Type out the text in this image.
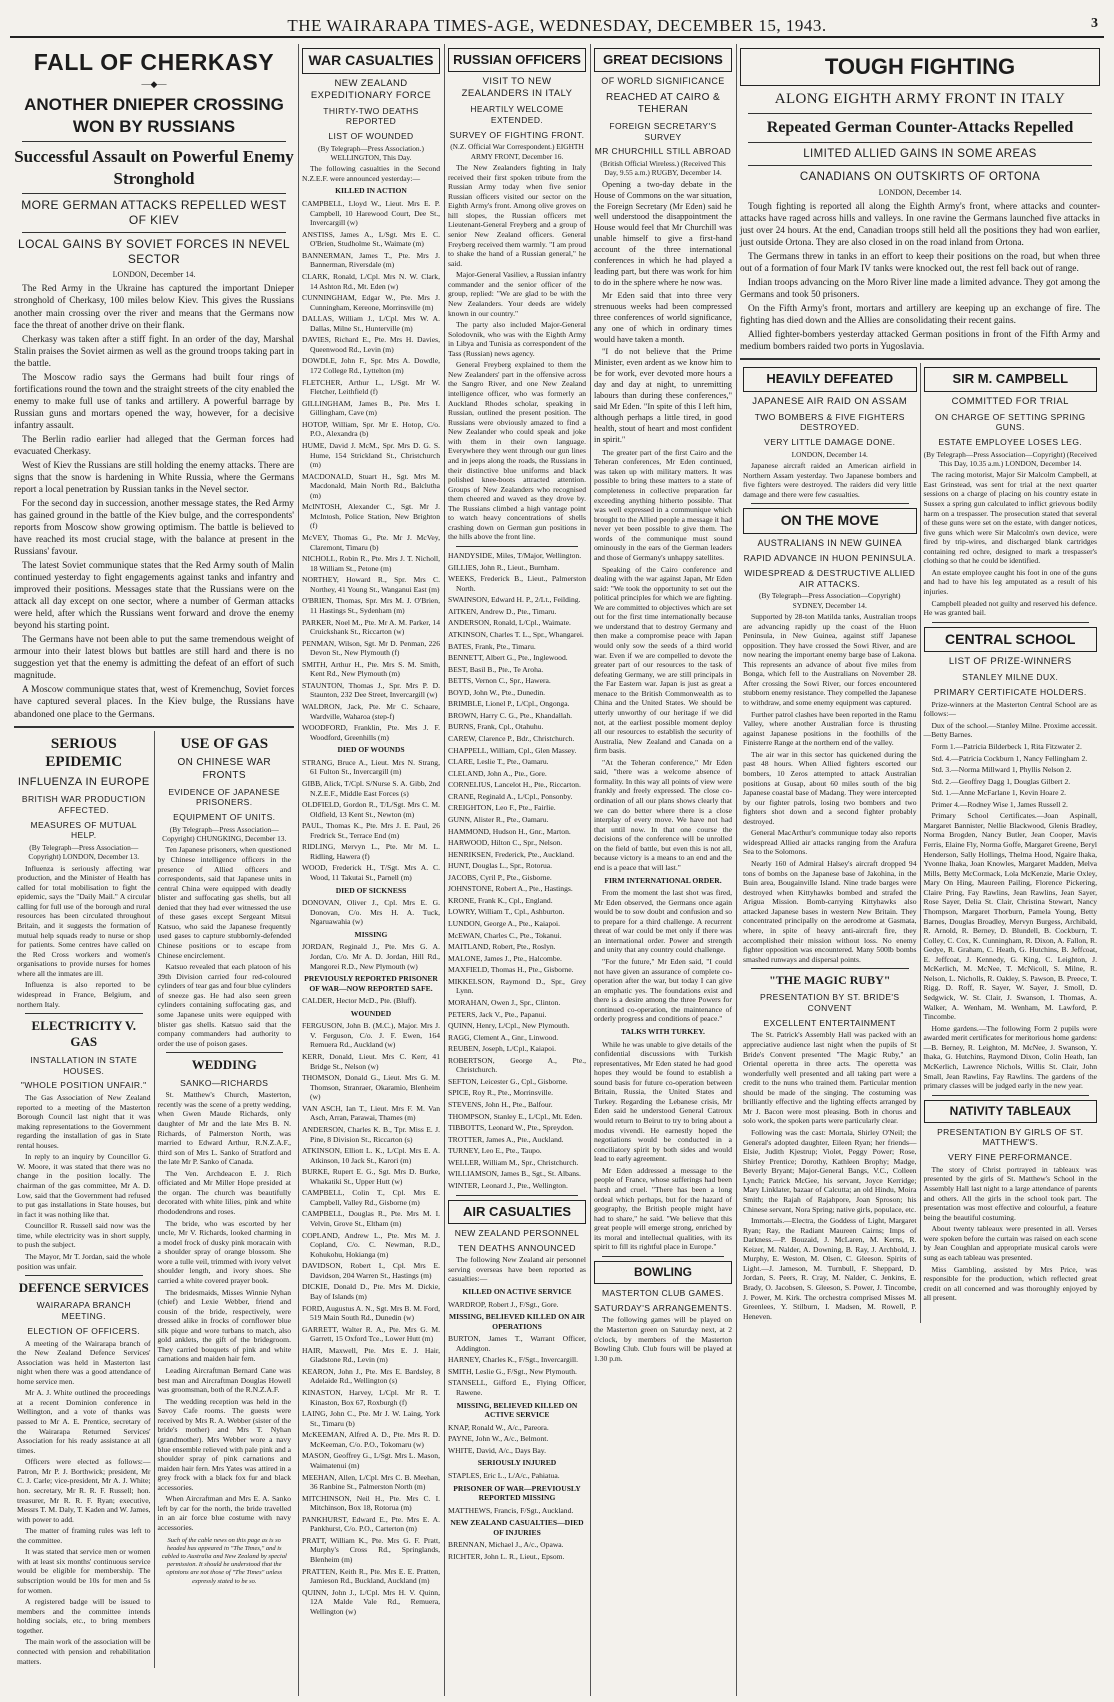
THE WAIRARAPA TIMES-AGE, WEDNESDAY, DECEMBER 15, 1943.	3
FALL OF CHERKASY
—◆—
ANOTHER DNIEPER CROSSING WON BY RUSSIANS
Successful Assault on Powerful Enemy Stronghold
MORE GERMAN ATTACKS REPELLED WEST OF KIEV
LOCAL GAINS BY SOVIET FORCES IN NEVEL SECTOR
LONDON, December 14.

The Red Army in the Ukraine has captured the important Dnieper stronghold of Cherkasy, 100 miles below Kiev. This gives the Russians another main crossing over the river and means that the Germans now face the threat of another drive on their flank.

Cherkasy was taken after a stiff fight. In an order of the day, Marshal Stalin praises the Soviet airmen as well as the ground troops taking part in the battle.

The Moscow radio says the Germans had built four rings of fortifications round the town and the straight streets of the city enabled the enemy to make full use of tanks and artillery. A powerful barrage by Russian guns and mortars opened the way, however, for a decisive infantry assault.

The Berlin radio earlier had alleged that the German forces had evacuated Cherkasy.

West of Kiev the Russians are still holding the enemy attacks. There are signs that the snow is hardening in White Russia, where the Germans report a local penetration by Russian tanks in the Nevel sector.

For the second day in succession, another message states, the Red Army has gained ground in the battle of the Kiev bulge, and the correspondents' reports from Moscow show growing optimism. The battle is believed to have reached its most crucial stage, with the balance at present in the Russians' favour.

The latest Soviet communique states that the Red Army south of Malin continued yesterday to fight engagements against tanks and infantry and improved their positions. Messages state that the Russians were on the attack all day except on one sector, where a number of German attacks were held, after which the Russians went forward and drove the enemy beyond his starting point.

The Germans have not been able to put the same tremendous weight of armour into their latest blows but battles are still hard and there is no suggestion yet that the enemy is admitting the defeat of an effort of such magnitude.

A Moscow communique states that, west of Kremenchug, Soviet forces have captured several places. In the Kiev bulge, the Russians have abandoned one place to the Germans.

SERIOUS EPIDEMIC
INFLUENZA IN EUROPE
BRITISH WAR PRODUCTION AFFECTED.
MEASURES OF MUTUAL HELP.
(By Telegraph—Press Association—Copyright) LONDON, December 13.

Influenza is seriously affecting war production, and the Minister of Health has called for total mobilisation to fight the epidemic, says the "Daily Mail." A circular calling for full use of the borough and rural resources has been circulated throughout Britain, and it suggests the formation of mutual help squads ready to nurse or shop for patients. Some centres have called on the Red Cross workers and women's organisations to provide nurses for homes where all the inmates are ill.

Influenza is also reported to be widespread in France, Belgium, and northern Italy.

ELECTRICITY V. GAS
INSTALLATION IN STATE HOUSES.
"WHOLE POSITION UNFAIR."

The Gas Association of New Zealand reported to a meeting of the Masterton Borough Council last night that it was making representations to the Government regarding the installation of gas in State rental houses.

In reply to an inquiry by Councillor G. W. Moore, it was stated that there was no change in the position locally. The chairman of the gas committee, Mr A. D. Low, said that the Government had refused to put gas installations in State houses, but in fact it was nothing like that.

Councillor R. Russell said now was the time, while electricity was in short supply, to push the subject.

The Mayor, Mr T. Jordan, said the whole position was unfair.

DEFENCE SERVICES
WAIRARAPA BRANCH MEETING.
ELECTION OF OFFICERS.

A meeting of the Wairarapa branch of the New Zealand Defence Services' Association was held in Masterton last night when there was a good attendance of home service men.

Mr A. J. White outlined the proceedings at a recent Dominion conference in Wellington, and a vote of thanks was passed to Mr A. E. Prentice, secretary of the Wairarapa Returned Services' Association for his ready assistance at all times.

Officers were elected as follows:—Patron, Mr P. J. Borthwick; president, Mr C. J. Carle; vice-president, Mr A. J. White; hon. secretary, Mr R. R. F. Russell; hon. treasurer, Mr R. R. F. Ryan; executive, Messrs T. M. Daly, T. Kaden and W. James, with power to add.

The matter of framing rules was left to the committee.

It was stated that service men or women with at least six months' continuous service would be eligible for membership. The subscription would be 10s for men and 5s for women.

A registered badge will be issued to members and the committee intends holding socials, etc., to bring members together.

The main work of the association will be connected with pension and rehabilitation matters.

USE OF GAS
ON CHINESE WAR FRONTS
EVIDENCE OF JAPANESE PRISONERS.
EQUIPMENT OF UNITS.
(By Telegraph—Press Association—Copyright) CHUNGKING, December 13.

Ten Japanese prisoners, when questioned by Chinese intelligence officers in the presence of Allied officers and correspondents, said that Japanese units in central China were equipped with deadly blister and suffocating gas shells, but all denied that they had ever witnessed the use of these gases except Sergeant Mitsui Katsuo, who said the Japanese frequently used gases to capture stubbornly-defended Chinese positions or to escape from Chinese encirclement.

Katsuo revealed that each platoon of his 39th Division carried four red-coloured cylinders of tear gas and four blue cylinders of sneeze gas. He had also seen green cylinders containing suffocating gas, and some Japanese units were equipped with blister gas shells. Katsuo said that the company commanders had authority to order the use of poison gases.

WEDDING
SANKO—RICHARDS

St. Matthew's Church, Masterton, recently was the scene of a pretty wedding, when Gwen Maude Richards, only daughter of Mr and the late Mrs B. N. Richards, of Palmerston North, was married to Edward Arthur, R.N.Z.A.F., third son of Mrs L. Sanko of Stratford and the late Mr P. Sanko of Canada.

The Ven. Archdeacon E. J. Rich officiated and Mr Miller Hope presided at the organ. The church was beautifully decorated with white lilies, pink and white rhododendrons and roses.

The bride, who was escorted by her uncle, Mr V. Richards, looked charming in a model frock of dusky pink moracain with a shoulder spray of orange blossom. She wore a tulle veil, trimmed with ivory velvet shoulder length, and ivory shoes. She carried a white covered prayer book.

The bridesmaids, Misses Winnie Nyhan (chief) and Lexie Webber, friend and cousin of the bride, respectively, were dressed alike in frocks of cornflower blue silk pique and wore turbans to match, also gold anklets, the gift of the bridegroom. They carried bouquets of pink and white carnations and maiden hair fern.

Leading Aircraftman Bernard Cane was best man and Aircraftman Douglas Howell was groomsman, both of the R.N.Z.A.F.

The wedding reception was held in the Savoy Cafe rooms. The guests were received by Mrs R. A. Webber (sister of the bride's mother) and Mrs T. Nyhan (grandmother). Mrs Webber wore a navy blue ensemble relieved with pale pink and a shoulder spray of pink carnations and maiden hair fern. Mrs Yates was attired in a grey frock with a black fox fur and black accessories.

When Aircraftman and Mrs E. A. Sanko left by car for the north, the bride travelled in an air force blue costume with navy accessories.

Such of the cable news on this page as is so headed has appeared in "The Times," and is cabled to Australia and New Zealand by special permission. It should be understood that the opinions are not those of "The Times" unless expressly stated to be so.
WAR CASUALTIES
NEW ZEALAND EXPEDITIONARY FORCE
THIRTY-TWO DEATHS REPORTED
LIST OF WOUNDED
(By Telegraph—Press Association.) WELLINGTON, This Day.

The following casualties in the Second N.Z.E.F. were announced yesterday:—

KILLED IN ACTION

CAMPBELL, Lloyd W., Lieut. Mrs E. P. Campbell, 10 Harewood Court, Dee St., Invercargill (w)

ANSTISS, James A., L/Sgt. Mrs E. C. O'Brien, Studholme St., Waimate (m)

BANNERMAN, James T., Pte. Mrs J. Bannerman, Riversdale (m)

CLARK, Ronald, L/Cpl. Mrs N. W. Clark, 14 Ashton Rd., Mt. Eden (w)

CUNNINGHAM, Edgar W., Pte. Mrs J. Cunningham, Kereone, Morrinsville (m)

DALLAS, William J., L/Cpl. Mrs W. A. Dallas, Milne St., Hunterville (m)

DAVIES, Richard E., Pte. Mrs H. Davies, Queenwood Rd., Levin (m)

DOWDLE, John F., Spr. Mrs A. Dowdle, 172 College Rd., Lyttelton (m)

FLETCHER, Arthur L., L/Sgt. Mr W. Fletcher, Leithfield (f)

GILLINGHAM, James B., Pte. Mrs I. Gillingham, Cave (m)

HOTOP, William, Spr. Mr E. Hotop, C/o. P.O., Alexandra (b)

HUME, David J. McM., Spr. Mrs D. G. S. Hume, 154 Strickland St., Christchurch (m)

MACDONALD, Stuart H., Sgt. Mrs M. Macdonald, Main North Rd., Balclutha (m)

McINTOSH, Alexander C., Sgt. Mr J. McIntosh, Police Station, New Brighton (f)

McVEY, Thomas G., Pte. Mr J. McVey, Claremont, Timaru (b)

NICHOLL, Robin R., Pte. Mrs J. T. Nicholl, 18 William St., Petone (m)

NORTHEY, Howard R., Spr. Mrs C. Northey, 41 Young St., Wanganui East (m)

O'BRIEN, Thomas, Spr. Mrs M. J. O'Brien, 11 Hastings St., Sydenham (m)

PARKER, Noel M., Pte. Mr A. M. Parker, 14 Cruickshank St., Riccarton (w)

PENMAN, Wilson, Sgt. Mr D. Penman, 226 Devon St., New Plymouth (f)

SMITH, Arthur H., Pte. Mrs S. M. Smith, Kent Rd., New Plymouth (m)

STAUNTON, Thomas J., Spr. Mrs P. D. Staunton, 232 Dee Street, Invercargill (w)

WALDRON, Jack, Pte. Mr C. Schaare, Wardville, Waharoa (step-f)

WOODFORD, Franklin, Pte. Mrs J. F. Woodford, Greenhills (m)

DIED OF WOUNDS

STRANG, Bruce A., Lieut. Mrs N. Strang, 61 Fulton St., Invercargill (m)

GIBB, Alick, T/Cpl. S/Nurse S. A. Gibb, 2nd N.Z.E.F., Middle East Forces (s)

OLDFIELD, Gordon R., T/L/Sgt. Mrs C. M. Oldfield, 13 Kent St., Newton (m)

PAUL, Thomas K., Pte. Mrs J. E. Paul, 26 Fredrick St., Terrace End (m)

RIDLING, Mervyn L., Pte. Mr M. L. Ridling, Hawera (f)

WOOD, Frederick H., T/Sgt. Mrs A. C. Wood, 11 Takutai St., Parnell (m)

DIED OF SICKNESS

DONOVAN, Oliver J., Cpl. Mrs E. G. Donovan, C/o. Mrs H. A. Tuck, Ngaruawahia (w)

MISSING

JORDAN, Reginald J., Pte. Mrs G. A. Jordan, C/o. Mr A. D. Jordan, Hill Rd., Mangorei R.D., New Plymouth (w)

PREVIOUSLY REPORTED PRISONER OF WAR—NOW REPORTED SAFE.

CALDER, Hector McD., Pte. (Bluff).

WOUNDED

FERGUSON, John B. (M.C.), Major. Mrs J. V. Ferguson, C/o. J. F. Ewen, 164 Remuera Rd., Auckland (w)

KERR, Donald, Lieut. Mrs C. Kerr, 41 Bridge St., Nelson (w)

THOMSON, Donald G., Lieut. Mrs G. M. Thomson, Stranraer, Okaramio, Blenheim (w)

VAN ASCH, Ian T., Lieut. Mrs F. M. Van Asch, Arran, Parawai, Thames (m)

ANDERSON, Charles K. B., Tpr. Miss E. J. Pine, 8 Division St., Riccarton (s)

ATKINSON, Elliott L. K., L/Cpl. Mrs E. A. Atkinson, 10 Jack St., Karori (m)

BURKE, Rupert E. G., Sgt. Mrs D. Burke, Whakatiki St., Upper Hutt (w)

CAMPBELL, Colin T., Cpl. Mrs E. Campbell, Valley Rd., Gisborne (m)

CAMPBELL, Douglas R., Pte. Mrs M. I. Velvin, Grove St., Eltham (m)

COPLAND, Andrew L., Pte. Mrs M. J. Copland, C/o. C. Newman, R.D., Kohukohu, Hokianga (m)

DAVIDSON, Robert I., Cpl. Mrs E. Davidson, 204 Warren St., Hastings (m)

DICKIE, Donald D., Pte. Mrs M. Dickie, Bay of Islands (m)

FORD, Augustus A. N., Sgt. Mrs B. M. Ford, 519 Main South Rd., Dunedin (w)

GARRETT, Walter R. A., Pte. Mrs G. M. Garrett, 15 Oxford Tce., Lower Hutt (m)

HAIR, Maxwell, Pte. Mrs E. J. Hair, Gladstone Rd., Levin (m)

KEARON, John J., Pte. Mrs E. Bardsley, 8 Adelaide Rd., Wellington (s)

KINASTON, Harvey, L/Cpl. Mr R. T. Kinaston, Box 67, Roxburgh (f)

LAING, John C., Pte. Mr J. W. Laing, York St., Timaru (b)

McKEEMAN, Alfred A. D., Pte. Mrs R. D. McKeeman, C/o. P.O., Tokomaru (w)

MASON, Geoffrey G., L/Sgt. Mrs L. Mason, Waimatenui (m)

MEEHAN, Allen, L/Cpl. Mrs C. B. Meehan, 36 Ranbine St., Palmerston North (m)

MITCHINSON, Neil H., Pte. Mrs C. I. Mitchinson, Box 18, Rotorua (m)

PANKHURST, Edward E., Pte. Mrs E. A. Pankhurst, C/o. P.O., Carterton (m)

PRATT, William K., Pte. Mrs G. F. Pratt, Murphy's Cross Rd., Springlands, Blenheim (m)

PRATTEN, Keith R., Pte. Mrs E. E. Pratten, Jamieson Rd., Buckland, Auckland (m)

QUINN, John J., L/Cpl. Mrs H. V. Quinn, 12A Malde Vale Rd., Remuera, Wellington (w)

RUSSIAN OFFICERS
VISIT TO NEW ZEALANDERS IN ITALY
HEARTILY WELCOME EXTENDED.
SURVEY OF FIGHTING FRONT.
(N.Z. Official War Correspondent.) EIGHTH ARMY FRONT, December 16.

The New Zealanders fighting in Italy received their first spoken tribute from the Russian Army today when five senior Russian officers visited our sector on the Eighth Army's front. Among olive groves on hill slopes, the Russian officers met Lieutenant-General Freyberg and a group of senior New Zealand officers. General Freyberg received them warmly. "I am proud to shake the hand of a Russian general," he said.

Major-General Vasiliev, a Russian infantry commander and the senior officer of the group, replied: "We are glad to be with the New Zealanders. Your deeds are widely known in our country."

The party also included Major-General Solodovnik, who was with the Eighth Army in Libya and Tunisia as correspondent of the Tass (Russian) news agency.

General Freyberg explained to them the New Zealanders' part in the offensive across the Sangro River, and one New Zealand intelligence officer, who was formerly an Auckland Rhodes scholar, speaking in Russian, outlined the present position. The Russians were obviously amazed to find a New Zealander who could speak and joke with them in their own language. Everywhere they went through our gun lines and in jeeps along the roads, the Russians in their distinctive blue uniforms and black polished knee-boots attracted attention. Groups of New Zealanders who recognised them cheered and waved as they drove by. The Russians climbed a high vantage point to watch heavy concentrations of shells crashing down on German gun positions in the hills above the front line.

HANDYSIDE, Miles, T/Major, Wellington.

GILLIES, John R., Lieut., Burnham.

WEEKS, Frederick B., Lieut., Palmerston North.

SWAINSON, Edward H. P., 2/Lt., Feilding.

AITKEN, Andrew D., Pte., Timaru.

ANDERSON, Ronald, L/Cpl., Waimate.

ATKINSON, Charles T. L., Spr., Whangarei.

BATES, Frank, Pte., Timaru.

BENNETT, Albert G., Pte., Inglewood.

BEST, Basil B., Pte., Te Aroha.

BETTS, Vernon C., Spr., Hawera.

BOYD, John W., Pte., Dunedin.

BRIMBLE, Lionel P., L/Cpl., Ongonga.

BROWN, Harry C. G., Pte., Khandallah.

BURNS, Frank, Cpl., Otahuhu.

CAREW, Clarence P., Bdr., Christchurch.

CHAPPELL, William, Cpl., Glen Massey.

CLARE, Leslie T., Pte., Oamaru.

CLELAND, John A., Pte., Gore.

CORNELIUS, Lancelot H., Pte., Riccarton.

CRANE, Reginald A., L/Cpl., Ponsonby.

CREIGHTON, Leo F., Pte., Fairlie.

GUNN, Alister R., Pte., Oamaru.

HAMMOND, Hudson H., Gnr., Marton.

HARWOOD, Hilton C., Spr., Nelson.

HENRIKSEN, Frederick, Pte., Auckland.

HUNT, Douglas L., Spr., Rotorua.

JACOBS, Cyril P., Pte., Gisborne.

JOHNSTONE, Robert A., Pte., Hastings.

KRONE, Frank K., Cpl., England.

LOWRY, William T., Cpl., Ashburton.

LUNDON, George A., Pte., Kaiapoi.

McEWAN, Charles C., Pte., Tokanui.

MAITLAND, Robert, Pte., Roslyn.

MALONE, James J., Pte., Halcombe.

MAXFIELD, Thomas H., Pte., Gisborne.

MIKKELSON, Raymond D., Spr., Grey Lynn.

MORAHAN, Owen J., Spr., Clinton.

PETERS, Jack V., Pte., Papanui.

QUINN, Henry, L/Cpl., New Plymouth.

RAGG, Clement A., Gnr., Linwood.

REUBEN, Joseph, L/Cpl., Kaiapoi.

ROBERTSON, George A., Pte., Christchurch.

SEFTON, Leicester G., Cpl., Gisborne.

SPICE, Roy R., Pte., Morrinsville.

STEVENS, John H., Pte., Balfour.

THOMPSON, Stanley E., L/Cpl., Mt. Eden.

TIBBOTTS, Leonard W., Pte., Spreydon.

TROTTER, James A., Pte., Auckland.

TURNEY, Leo E., Pte., Taupo.

WELLER, William M., Spr., Christchurch.

WILLIAMSON, James B., Sgt., St. Albans.

WINTER, Leonard J., Pte., Wellington.

AIR CASUALTIES
NEW ZEALAND PERSONNEL
TEN DEATHS ANNOUNCED

The following New Zealand air personnel serving overseas have been reported as casualties:—

KILLED ON ACTIVE SERVICE

WARDROP, Robert J., F/Sgt., Gore.

MISSING, BELIEVED KILLED ON AIR OPERATIONS

BURTON, James T., Warrant Officer, Addington.

HARNEY, Charles K., F/Sgt., Invercargill.

SMITH, Leslie G., F/Sgt., New Plymouth.

STANSELL, Gifford E., Flying Officer, Rawene.

MISSING, BELIEVED KILLED ON ACTIVE SERVICE

KNAP, Ronald W., A/c., Pareora.

PAYNE, John W., A/c., Belmont.

WHITE, David, A/c., Days Bay.

SERIOUSLY INJURED

STAPLES, Eric L., L/A/c., Pahiatua.

PRISONER OF WAR—PREVIOUSLY REPORTED MISSING

MATTHEWS, Francis, F/Sgt., Auckland.

NEW ZEALAND CASUALTIES—DIED OF INJURIES

BRENNAN, Michael J., A/c., Opawa.

RICHTER, John L. R., Lieut., Epsom.

GREAT DECISIONS
OF WORLD SIGNIFICANCE
REACHED AT CAIRO & TEHERAN
FOREIGN SECRETARY'S SURVEY
MR CHURCHILL STILL ABROAD
(British Official Wireless.) (Received This Day, 9.55 a.m.) RUGBY, December 14.

Opening a two-day debate in the House of Commons on the war situation, the Foreign Secretary (Mr Eden) said he well understood the disappointment the House would feel that Mr Churchill was unable himself to give a first-hand account of the three international conferences in which he had played a leading part, but there was work for him to do in the sphere where he now was.

Mr Eden said that into three very strenuous weeks had been compressed three conferences of world significance, any one of which in ordinary times would have taken a month.

"I do not believe that the Prime Minister, even ardent as we know him to be for work, ever devoted more hours a day and day at night, to unremitting labours than during these conferences," said Mr Eden. "In spite of this I left him, although perhaps a little tired, in good health, stout of heart and most confident in spirit."

The greater part of the first Cairo and the Teheran conferences, Mr Eden continued, was taken up with military matters. It was possible to bring these matters to a state of completeness in collective preparation far exceeding anything hitherto possible. That was well expressed in a communique which brought to the Allied people a message it had never yet been possible to give them. The words of the communique must sound ominously in the ears of the German leaders and those of Germany's unhappy satellites.

Speaking of the Cairo conference and dealing with the war against Japan, Mr Eden said: "We took the opportunity to set out the political principles for which we are fighting. We are committed to objectives which are set out for the first time internationally because we understand that to destroy Germany and then make a compromise peace with Japan would only sow the seeds of a third world war. Even if we are compelled to devote the greater part of our resources to the task of defeating Germany, we are still principals in the Far Eastern war. Japan is just as great a menace to the British Commonwealth as to China and the United States. We should be utterly unworthy of our heritage if we did not, at the earliest possible moment deploy all our resources to establish the security of Australia, New Zealand and Canada on a firm basis.

"At the Teheran conference," Mr Eden said, "there was a welcome absence of formality. In this way all points of view were frankly and freely expressed. The close co-ordination of all our plans shows clearly that we can do better where there is a close interplay of every move. We have not had that until now. In that one course the decisions of the conference will be unrolled on the field of battle, but even this is not all, because victory is a means to an end and the end is a peace that will last."

FIRM INTERNATIONAL ORDER.

From the moment the last shot was fired, Mr Eden observed, the Germans once again would be to sow doubt and confusion and so to prepare for a third challenge. A recurrent threat of war could be met only if there was an international order. Power and strength and unity that any country could challenge.

"For the future," Mr Eden said, "I could not have given an assurance of complete co-operation after the war, but today I can give an emphatic yes. The foundations exist and there is a desire among the three Powers for continued co-operation, the maintenance of orderly progress and conditions of peace."

TALKS WITH TURKEY.

While he was unable to give details of the confidential discussions with Turkish representatives, Mr Eden stated he had good hopes they would be found to establish a sound basis for future co-operation between Britain, Russia, the United States and Turkey. Regarding the Lebanese crisis, Mr Eden said he understood General Catroux would return to Beirut to try to bring about a modus vivendi. He earnestly hoped the negotiations would be conducted in a conciliatory spirit by both sides and would lead to early agreement.

Mr Eden addressed a message to the people of France, whose sufferings had been harsh and cruel. "There has been a long ordeal which perhaps, but for the hazard of geography, the British people might have had to share," he said. "We believe that this great people will emerge strong, enriched by its moral and intellectual qualities, with its spirit to fill its rightful place in Europe."

BOWLING
MASTERTON CLUB GAMES.
SATURDAY'S ARRANGEMENTS.

The following games will be played on the Masterton green on Saturday next, at 2 o'clock, by members of the Masterton Bowling Club. Club fours will be played at 1.30 p.m.

TOUGH FIGHTING
ALONG EIGHTH ARMY FRONT IN ITALY
Repeated German Counter-Attacks Repelled
LIMITED ALLIED GAINS IN SOME AREAS
CANADIANS ON OUTSKIRTS OF ORTONA
LONDON, December 14.

Tough fighting is reported all along the Eighth Army's front, where attacks and counter-attacks have raged across hills and valleys. In one ravine the Germans launched five attacks in just over 24 hours. At the end, Canadian troops still held all the positions they had won earlier, just outside Ortona. They are also closed in on the road inland from Ortona.

The Germans threw in tanks in an effort to keep their positions on the road, but when three out of a formation of four Mark IV tanks were knocked out, the rest fell back out of range.

Indian troops advancing on the Moro River line made a limited advance. They got among the Germans and took 50 prisoners.

On the Fifth Army's front, mortars and artillery are keeping up an exchange of fire. The fighting has died down and the Allies are consolidating their recent gains.

Allied fighter-bombers yesterday attacked German positions in front of the Fifth Army and medium bombers raided two ports in Yugoslavia.

HEAVILY DEFEATED
JAPANESE AIR RAID ON ASSAM
TWO BOMBERS & FIVE FIGHTERS DESTROYED.
VERY LITTLE DAMAGE DONE.
LONDON, December 14.

Japanese aircraft raided an American airfield in Northern Assam yesterday. Two Japanese bombers and five fighters were destroyed. The raiders did very little damage and there were few casualties.

ON THE MOVE
AUSTRALIANS IN NEW GUINEA
RAPID ADVANCE IN HUON PENINSULA.
WIDESPREAD & DESTRUCTIVE ALLIED AIR ATTACKS.
(By Telegraph—Press Association—Copyright) SYDNEY, December 14.

Supported by 28-ton Matilda tanks, Australian troops are advancing rapidly up the coast of the Huon Peninsula, in New Guinea, against stiff Japanese opposition. They have crossed the Sowi River, and are now nearing the important enemy barge base of Lakona. This represents an advance of about five miles from Bonga, which fell to the Australians on November 28. After crossing the Sowi River, our forces encountered stubborn enemy resistance. They compelled the Japanese to withdraw, and some enemy equipment was captured.

Further patrol clashes have been reported in the Ramu Valley, where another Australian force is thrusting against Japanese positions in the foothills of the Finisterre Range at the northern end of the valley.

The air war in this sector has quickened during the past 48 hours. When Allied fighters escorted our bombers, 10 Zeros attempted to attack Australian positions at Gusap, about 60 miles south of the big Japanese coastal base of Madang. They were intercepted by our fighter patrols, losing two bombers and two fighters shot down and a second fighter probably destroyed.

General MacArthur's communique today also reports widespread Allied air attacks ranging from the Arafura Sea to the Solomons.

Nearly 160 of Admiral Halsey's aircraft dropped 94 tons of bombs on the Japanese base of Jakohina, in the Buin area, Bougainville Island. Nine trade barges were destroyed when Kittyhawks bombed and strafed the Arigua Mission. Bomb-carrying Kittyhawks also attacked Japanese bases in western New Britain. They concentrated principally on the aerodrome at Gasmata, where, in spite of heavy anti-aircraft fire, they accomplished their mission without loss. No enemy fighter opposition was encountered. Many 500lb bombs smashed runways and dispersal points.

"THE MAGIC RUBY"
PRESENTATION BY ST. BRIDE'S CONVENT
EXCELLENT ENTERTAINMENT

The St. Patrick's Assembly Hall was packed with an appreciative audience last night when the pupils of St Bride's Convent presented "The Magic Ruby," an Oriental operetta in three acts. The operetta was wonderfully well presented and all taking part were a credit to the nuns who trained them. Particular mention should be made of the singing. The costuming was brilliantly effective and the lighting effects arranged by Mr J. Bacon were most pleasing. Both in chorus and solo work, the spoken parts were particularly clear.

Following was the cast: Mortala, Shirley O'Neil; the General's adopted daughter, Eileen Ryan; her friends—Elsie, Judith Kjestrup; Violet, Peggy Power; Rose, Shirley Prentice; Dorothy, Kathleen Brophy; Madge, Beverly Bryant; Major-General Bangs, V.C., Colleen Lynch; Patrick McGee, his servant, Joyce Kerridge; Mary Linklater, bazaar of Calcutta; an old Hindu, Moira Smith; the Rajah of Rajahpore, Joan Sproson; his Chinese servant, Nora Spring; native girls, populace, etc.

Immortals.—Electra, the Goddess of Light, Margaret Ryan; Ray, the Radiant Maureen Cairns; Imps of Darkness.—P. Bouzaid, J. McLaren, M. Kerns, R. Keizer, M. Nalder, A. Downing, B. Ray, J. Archbold, J. Murphy, E. Weston, M. Olsen, C. Gleeson. Spirits of Light.—J. Jameson, M. Turnbull, F. Sheppard, D. Jordan, S. Peers, R. Cray, M. Nalder, C. Jenkins, E. Brady, O. Jacobsen, S. Gleeson, S. Power, J. Tincombe, J. Power, M. Kirk. The orchestra comprised Misses M. Greenlees, Y. Stilburn, I. Madsen, M. Rowell, P. Heneven.

SIR M. CAMPBELL
COMMITTED FOR TRIAL
ON CHARGE OF SETTING SPRING GUNS.
ESTATE EMPLOYEE LOSES LEG.
(By Telegraph—Press Association—Copyright) (Received This Day, 10.35 a.m.) LONDON, December 14.

The racing motorist, Major Sir Malcolm Campbell, at East Grinstead, was sent for trial at the next quarter sessions on a charge of placing on his country estate in Sussex a spring gun calculated to inflict grievous bodily harm on a trespasser. The prosecution stated that several of these guns were set on the estate, with danger notices, five guns which were Sir Malcolm's own device, were fired by trip-wires, and discharged blank cartridges containing red ochre, designed to mark a trespasser's clothing so that he could be identified.

An estate employee caught his foot in one of the guns and had to have his leg amputated as a result of his injuries.

Campbell pleaded not guilty and reserved his defence. He was granted bail.

CENTRAL SCHOOL
LIST OF PRIZE-WINNERS
STANLEY MILNE DUX.
PRIMARY CERTIFICATE HOLDERS.

Prize-winners at the Masterton Central School are as follows:—

Dux of the school.—Stanley Milne. Proxime accessit.—Betty Barnes.

Form 1.—Patricia Bilderbeck 1, Rita Fitzwater 2.

Std. 4.—Patricia Cockburn 1, Nancy Fellingham 2.

Std. 3.—Norma Millward 1, Phyllis Nelson 2.

Std. 2.—Geoffrey Dagg 1, Douglas Gilbert 2.

Std. 1.—Anne McFarlane 1, Kevin Hoare 2.

Primer 4.—Rodney Wise 1, James Russell 2.

Primary School Certificates.—Joan Aspinall, Margaret Bannister, Nellie Blackwood, Glenis Bradley, Norma Brogden, Nancy Butler, Jean Cooper, Mavis Ferris, Elaine Fly, Norma Goffe, Margaret Greene, Beryl Henderson, Sally Hollings, Thelma Hood, Ngaire Ihaka, Yvonne Ihaka, Joan Knowles, Margaret Madden, Melva Mills, Betty McCormack, Lola McKenzie, Marie Oxley, Mary On Hing, Maureen Pailing, Florence Pickering, Claire Pring, Fay Rawlins, Jean Rawlins, Jean Sayer, Rose Sayer, Delia St. Clair, Christina Stewart, Nancy Thompson, Margaret Thorburn, Pamela Young, Betty Barnes, Douglas Broadley, Mervyn Burgess, Archibald, R. Arnold, R. Berney, D. Blundell, B. Cockburn, T. Colley, C. Cox, K. Cunningham, R. Dixon, A. Fallon, R. Gedye, R. Graham, C. Heath, G. Hutchins, B. Jeffcoat, E. Jeffcoat, J. Kennedy, G. King, C. Leighton, J. McKerlich, M. McNee, T. McNicoll, S. Milne, R. Nelson, L. Nicholls, R. Oakley, S. Pawson, B. Preece, T. Rigg, D. Roff, R. Sayer, W. Sayer, J. Smoll, D. Sedgwick, W. St. Clair, J. Swanson, I. Thomas, A. Walker, A. Wenham, M. Wenham, M. Lawford, P. Tincombe.

Home gardens.—The following Form 2 pupils were awarded merit certificates for meritorious home gardens:—B. Berney, R. Leighton, M. McNee, J. Swanson, Y. Ihaka, G. Hutchins, Raymond Dixon, Colin Heath, Ian McKerlich, Lawrence Nichols, Willis St. Clair, John Small, Jean Rawlins, Fay Rawlins. The gardens of the primary classes will be judged early in the new year.

NATIVITY TABLEAUX
PRESENTATION BY GIRLS OF ST. MATTHEW'S.
VERY FINE PERFORMANCE.

The story of Christ portrayed in tableaux was presented by the girls of St. Matthew's School in the Assembly Hall last night to a large attendance of parents and others. All the girls in the school took part. The presentation was most effective and colourful, a feature being the beautiful costuming.

About twenty tableaux were presented in all. Verses were spoken before the curtain was raised on each scene by Jean Coughlan and appropriate musical carols were sung as each tableau was presented.

Miss Gambling, assisted by Mrs Price, was responsible for the production, which reflected great credit on all concerned and was thoroughly enjoyed by all present.
